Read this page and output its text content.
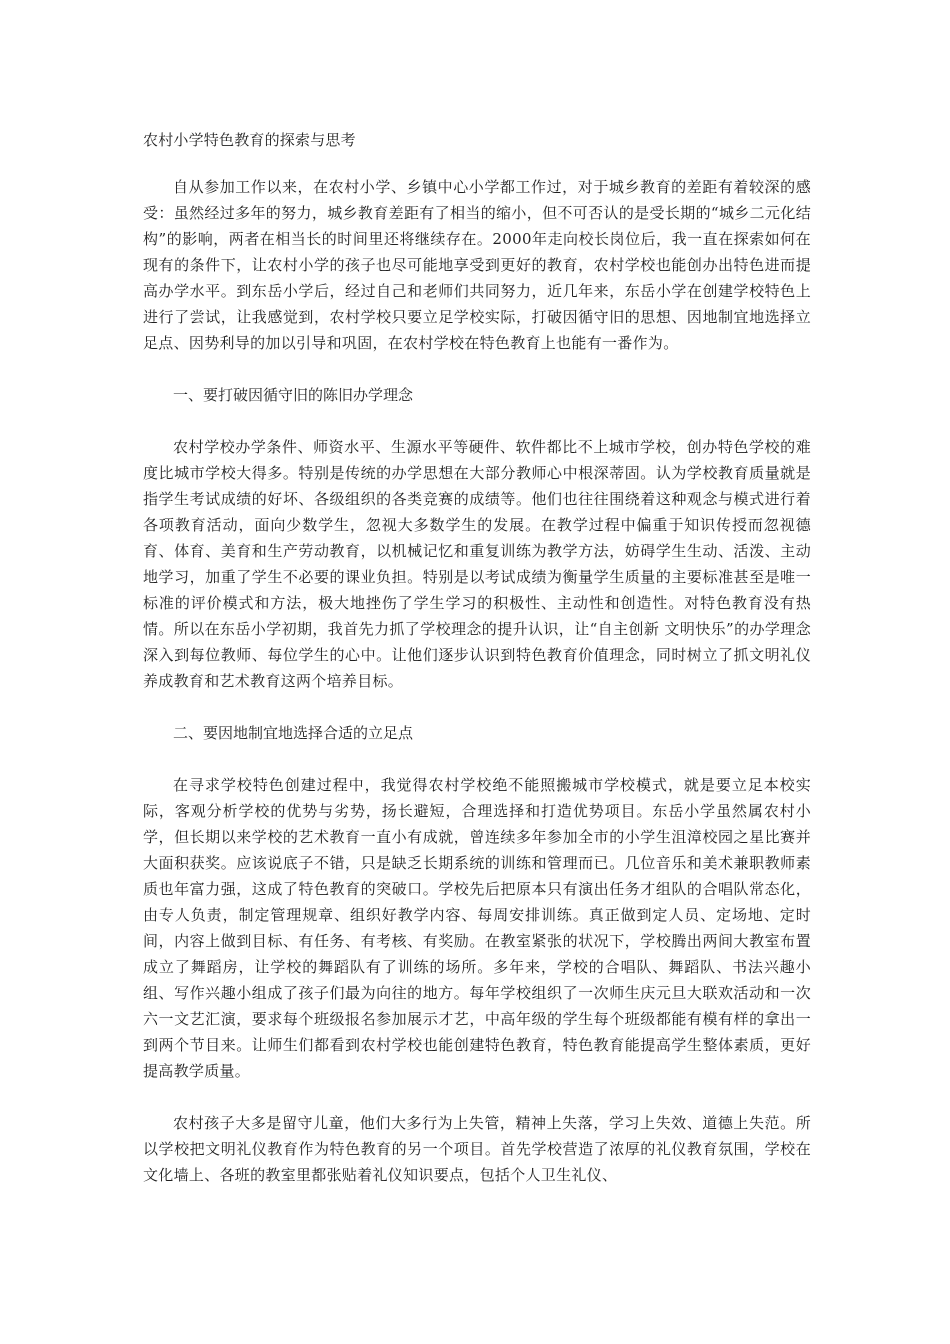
农村小学特色教育的探索与思考

自从参加工作以来，在农村小学、乡镇中心小学都工作过，对于城乡教育的差距有着较深的感受：虽然经过多年的努力，城乡教育差距有了相当的缩小，但不可否认的是受长期的“城乡二元化结构”的影响，两者在相当长的时间里还将继续存在。2000年走向校长岗位后，我一直在探索如何在现有的条件下，让农村小学的孩子也尽可能地享受到更好的教育，农村学校也能创办出特色进而提高办学水平。到东岳小学后，经过自己和老师们共同努力，近几年来，东岳小学在创建学校特色上进行了尝试，让我感觉到，农村学校只要立足学校实际，打破因循守旧的思想、因地制宜地选择立足点、因势利导的加以引导和巩固，在农村学校在特色教育上也能有一番作为。

一、要打破因循守旧的陈旧办学理念

农村学校办学条件、师资水平、生源水平等硬件、软件都比不上城市学校，创办特色学校的难度比城市学校大得多。特别是传统的办学思想在大部分教师心中根深蒂固。认为学校教育质量就是指学生考试成绩的好坏、各级组织的各类竞赛的成绩等。他们也往往围绕着这种观念与模式进行着各项教育活动，面向少数学生，忽视大多数学生的发展。在教学过程中偏重于知识传授而忽视德育、体育、美育和生产劳动教育，以机械记忆和重复训练为教学方法，妨碍学生生动、活泼、主动地学习，加重了学生不必要的课业负担。特别是以考试成绩为衡量学生质量的主要标准甚至是唯一标准的评价模式和方法，极大地挫伤了学生学习的积极性、主动性和创造性。对特色教育没有热情。所以在东岳小学初期，我首先力抓了学校理念的提升认识，让“自主创新 文明快乐”的办学理念深入到每位教师、每位学生的心中。让他们逐步认识到特色教育价值理念，同时树立了抓文明礼仪养成教育和艺术教育这两个培养目标。

二、要因地制宜地选择合适的立足点

在寻求学校特色创建过程中，我觉得农村学校绝不能照搬城市学校模式，就是要立足本校实际，客观分析学校的优势与劣势，扬长避短，合理选择和打造优势项目。东岳小学虽然属农村小学，但长期以来学校的艺术教育一直小有成就，曾连续多年参加全市的小学生沮漳校园之星比赛并大面积获奖。应该说底子不错，只是缺乏长期系统的训练和管理而已。几位音乐和美术兼职教师素质也年富力强，这成了特色教育的突破口。学校先后把原本只有演出任务才组队的合唱队常态化，由专人负责，制定管理规章、组织好教学内容、每周安排训练。真正做到定人员、定场地、定时间，内容上做到目标、有任务、有考核、有奖励。在教室紧张的状况下，学校腾出两间大教室布置成立了舞蹈房，让学校的舞蹈队有了训练的场所。多年来，学校的合唱队、舞蹈队、书法兴趣小组、写作兴趣小组成了孩子们最为向往的地方。每年学校组织了一次师生庆元旦大联欢活动和一次六一文艺汇演，要求每个班级报名参加展示才艺，中高年级的学生每个班级都能有模有样的拿出一到两个节目来。让师生们都看到农村学校也能创建特色教育，特色教育能提高学生整体素质，更好提高教学质量。

农村孩子大多是留守儿童，他们大多行为上失管，精神上失落，学习上失效、道德上失范。所以学校把文明礼仪教育作为特色教育的另一个项目。首先学校营造了浓厚的礼仪教育氛围，学校在文化墙上、各班的教室里都张贴着礼仪知识要点，包括个人卫生礼仪、
